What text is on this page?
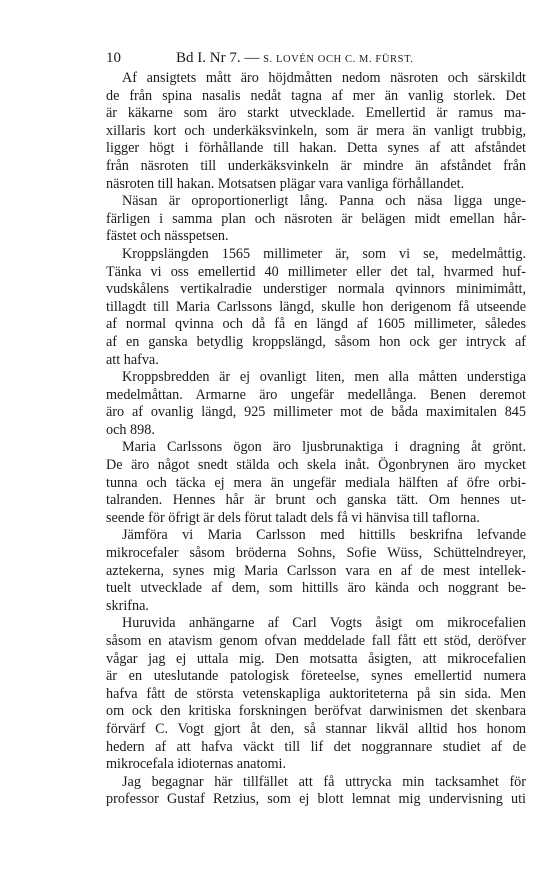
10	Bd I. Nr 7. — S. LOVÉN OCH C. M. FÜRST.
Af ansigtets mått äro höjdmåtten nedom näsroten och särskildt
de från spina nasalis nedåt tagna af mer än vanlig storlek. Det
är käkarne som äro starkt utvecklade. Emellertid är ramus ma-
xillaris kort och underkäksvinkeln, som är mera än vanligt trubbig,
ligger högt i förhållande till hakan. Detta synes af att afståndet
från näsroten till underkäksvinkeln är mindre än afståndet från
näsroten till hakan. Motsatsen plägar vara vanliga förhållandet.
Näsan är oproportionerligt lång. Panna och näsa ligga unge-
färligen i samma plan och näsroten är belägen midt emellan hår-
fästet och nässpetsen.
Kroppslängden 1565 millimeter är, som vi se, medelmåttig.
Tänka vi oss emellertid 40 millimeter eller det tal, hvarmed huf-
vudskålens vertikalradie understiger normala qvinnors minimimått,
tillagdt till Maria Carlssons längd, skulle hon derigenom få utseende
af normal qvinna och då få en längd af 1605 millimeter, således
af en ganska betydlig kroppslängd, såsom hon ock ger intryck af
att hafva.
Kroppsbredden är ej ovanligt liten, men alla måtten understiga
medelmåttan. Armarne äro ungefär medellånga. Benen deremot
äro af ovanlig längd, 925 millimeter mot de båda maximitalen 845
och 898.
Maria Carlssons ögon äro ljusbrunaktiga i dragning åt grönt.
De äro något snedt stälda och skela inåt. Ögonbrynen äro mycket
tunna och täcka ej mera än ungefär mediala hälften af öfre orbi-
talranden. Hennes hår är brunt och ganska tätt. Om hennes ut-
seende för öfrigt är dels förut taladt dels få vi hänvisa till taflorna.
Jämföra vi Maria Carlsson med hittills beskrifna lefvande
mikrocefaler såsom bröderna Sohns, Sofie Wüss, Schüttelndreyer,
aztekerna, synes mig Maria Carlsson vara en af de mest intellek-
tuelt utvecklade af dem, som hittills äro kända och noggrant be-
skrifna.
Huruvida anhängarne af Carl Vogts åsigt om mikrocefalien
såsom en atavism genom ofvan meddelade fall fått ett stöd, deröfver
vågar jag ej uttala mig. Den motsatta åsigten, att mikrocefalien
är en uteslutande patologisk företeelse, synes emellertid numera
hafva fått de största vetenskapliga auktoriteterna på sin sida. Men
om ock den kritiska forskningen beröfvat darwinismen det skenbara
förvärf C. Vogt gjort åt den, så stannar likväl alltid hos honom
hedern af att hafva väckt till lif det noggrannare studiet af de
mikrocefala idioternas anatomi.
Jag begagnar här tillfället att få uttrycka min tacksamhet för
professor Gustaf Retzius, som ej blott lemnat mig undervisning uti
